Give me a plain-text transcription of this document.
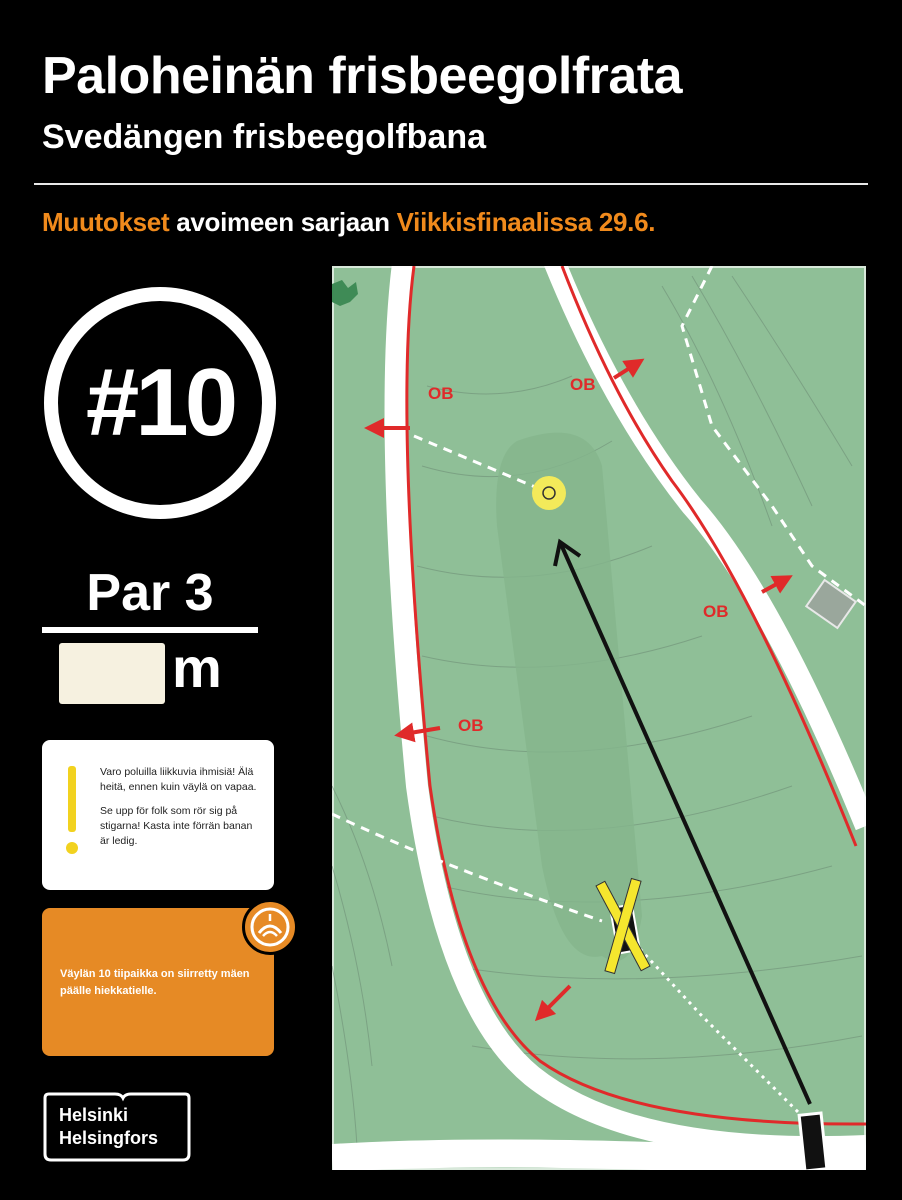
Paloheinän frisbeegolfrata
Svedängen frisbeegolfbana
Muutokset avoimeen sarjaan Viikkisfinaalissa 29.6.
#10
Par 3
m

Varo poluilla liikkuvia ihmisiä! Älä heitä, ennen kuin väylä on vapaa.

Se upp för folk som rör sig på stigarna! Kasta inte förrän banan är ledig.

Väylän 10 tiipaikka on siirretty mäen päälle hiekkatielle.
Helsinki
Helsingfors
OB	OB
OB
OB
